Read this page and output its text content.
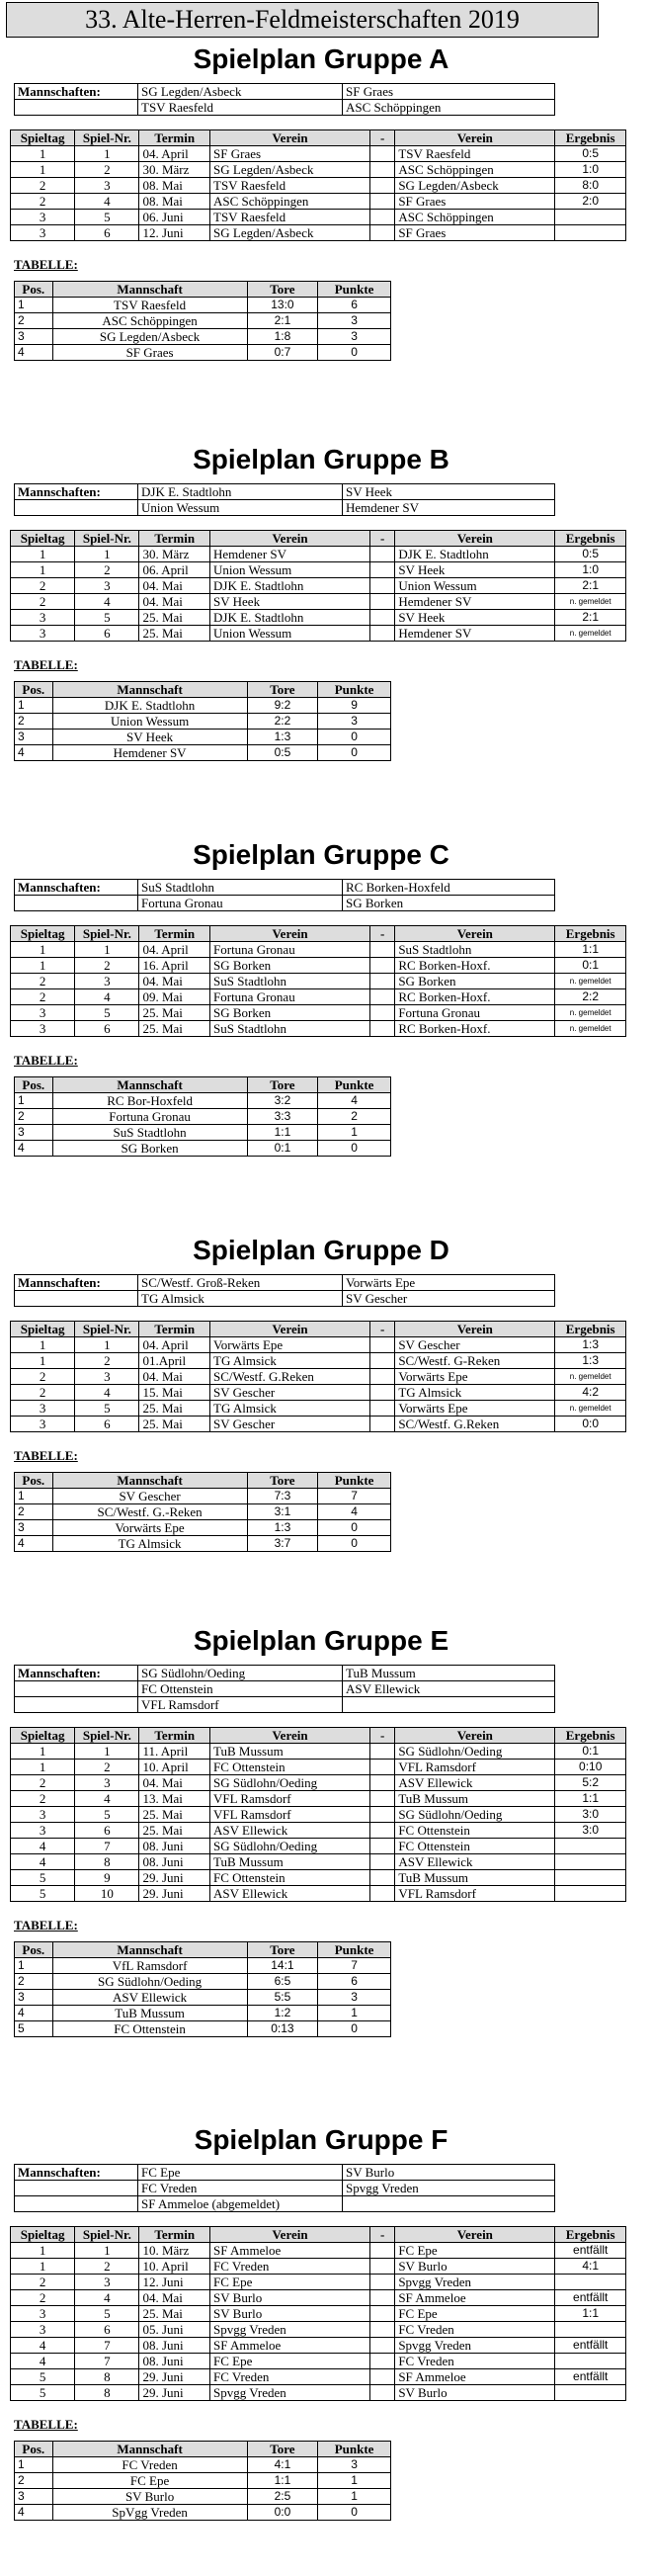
33. Alte-Herren-Feldmeisterschaften 2019
Spielplan Gruppe A
Mannschaften:	SG Legden/Asbeck	SF Graes
	TSV Raesfeld	ASC Schöppingen
Spieltag	Spiel-Nr.	Termin	Verein	-	Verein	Ergebnis
1	1	04. April	SF Graes		TSV Raesfeld	0:5
1	2	30. März	SG Legden/Asbeck		ASC Schöppingen	1:0
2	3	08. Mai	TSV Raesfeld		SG Legden/Asbeck	8:0
2	4	08. Mai	ASC Schöppingen		SF Graes	2:0
3	5	06. Juni	TSV Raesfeld		ASC Schöppingen	
3	6	12. Juni	SG Legden/Asbeck		SF Graes	
TABELLE:
Pos.	Mannschaft	Tore	Punkte
1	TSV Raesfeld	13:0	6
2	ASC Schöppingen	2:1	3
3	SG Legden/Asbeck	1:8	3
4	SF Graes	0:7	0
Spielplan Gruppe B
Mannschaften:	DJK E. Stadtlohn	SV Heek
	Union Wessum	Hemdener SV
Spieltag	Spiel-Nr.	Termin	Verein	-	Verein	Ergebnis
1	1	30. März	Hemdener SV		DJK E. Stadtlohn	0:5
1	2	06. April	Union Wessum		SV Heek	1:0
2	3	04. Mai	DJK E. Stadtlohn		Union Wessum	2:1
2	4	04. Mai	SV Heek		Hemdener SV	n. gemeldet
3	5	25. Mai	DJK E. Stadtlohn		SV Heek	2:1
3	6	25. Mai	Union Wessum		Hemdener SV	n. gemeldet
TABELLE:
Pos.	Mannschaft	Tore	Punkte
1	DJK E. Stadtlohn	9:2	9
2	Union Wessum	2:2	3
3	SV Heek	1:3	0
4	Hemdener SV	0:5	0
Spielplan Gruppe C
Mannschaften:	SuS Stadtlohn	RC Borken-Hoxfeld
	Fortuna Gronau	SG Borken
Spieltag	Spiel-Nr.	Termin	Verein	-	Verein	Ergebnis
1	1	04. April	Fortuna Gronau		SuS Stadtlohn	1:1
1	2	16. April	SG Borken		RC Borken-Hoxf.	0:1
2	3	04. Mai	SuS Stadtlohn		SG Borken	n. gemeldet
2	4	09. Mai	Fortuna Gronau		RC Borken-Hoxf.	2:2
3	5	25. Mai	SG Borken		Fortuna Gronau	n. gemeldet
3	6	25. Mai	SuS Stadtlohn		RC Borken-Hoxf.	n. gemeldet
TABELLE:
Pos.	Mannschaft	Tore	Punkte
1	RC Bor-Hoxfeld	3:2	4
2	Fortuna Gronau	3:3	2
3	SuS Stadtlohn	1:1	1
4	SG Borken	0:1	0
Spielplan Gruppe D
Mannschaften:	SC/Westf. Groß-Reken	Vorwärts Epe
	TG Almsick	SV Gescher
Spieltag	Spiel-Nr.	Termin	Verein	-	Verein	Ergebnis
1	1	04. April	Vorwärts Epe		SV Gescher	1:3
1	2	01.April	TG Almsick		SC/Westf. G-Reken	1:3
2	3	04. Mai	SC/Westf. G.Reken		Vorwärts Epe	n. gemeldet
2	4	15. Mai	SV Gescher		TG Almsick	4:2
3	5	25. Mai	TG Almsick		Vorwärts Epe	n. gemeldet
3	6	25. Mai	SV Gescher		SC/Westf. G.Reken	0:0
TABELLE:
Pos.	Mannschaft	Tore	Punkte
1	SV Gescher	7:3	7
2	SC/Westf. G.-Reken	3:1	4
3	Vorwärts Epe	1:3	0
4	TG Almsick	3:7	0
Spielplan Gruppe E
Mannschaften:	SG Südlohn/Oeding	TuB Mussum
	FC Ottenstein	ASV Ellewick
	VFL Ramsdorf	
Spieltag	Spiel-Nr.	Termin	Verein	-	Verein	Ergebnis
1	1	11. April	TuB Mussum		SG Südlohn/Oeding	0:1
1	2	10. April	FC Ottenstein		VFL Ramsdorf	0:10
2	3	04. Mai	SG Südlohn/Oeding		ASV Ellewick	5:2
2	4	13. Mai	VFL Ramsdorf		TuB Mussum	1:1
3	5	25. Mai	VFL Ramsdorf		SG Südlohn/Oeding	3:0
3	6	25. Mai	ASV Ellewick		FC Ottenstein	3:0
4	7	08. Juni	SG Südlohn/Oeding		FC Ottenstein	
4	8	08. Juni	TuB Mussum		ASV Ellewick	
5	9	29. Juni	FC Ottenstein		TuB Mussum	
5	10	29. Juni	ASV Ellewick		VFL Ramsdorf	
TABELLE:
Pos.	Mannschaft	Tore	Punkte
1	VfL Ramsdorf	14:1	7
2	SG Südlohn/Oeding	6:5	6
3	ASV Ellewick	5:5	3
4	TuB Mussum	1:2	1
5	FC Ottenstein	0:13	0
Spielplan Gruppe F
Mannschaften:	FC Epe	SV Burlo
	FC Vreden	Spvgg Vreden
	SF Ammeloe (abgemeldet)	
Spieltag	Spiel-Nr.	Termin	Verein	-	Verein	Ergebnis
1	1	10. März	SF Ammeloe		FC Epe	entfällt
1	2	10. April	FC Vreden		SV Burlo	4:1
2	3	12. Juni	FC Epe		Spvgg Vreden	
2	4	04. Mai	SV Burlo		SF Ammeloe	entfällt
3	5	25. Mai	SV Burlo		FC Epe	1:1
3	6	05. Juni	Spvgg Vreden		FC Vreden	
4	7	08. Juni	SF Ammeloe		Spvgg Vreden	entfällt
4	7	08. Juni	FC Epe		FC Vreden	
5	8	29. Juni	FC Vreden		SF Ammeloe	entfällt
5	8	29. Juni	Spvgg Vreden		SV Burlo	
TABELLE:
Pos.	Mannschaft	Tore	Punkte
1	FC Vreden	4:1	3
2	FC Epe	1:1	1
3	SV Burlo	2:5	1
4	SpVgg Vreden	0:0	0
